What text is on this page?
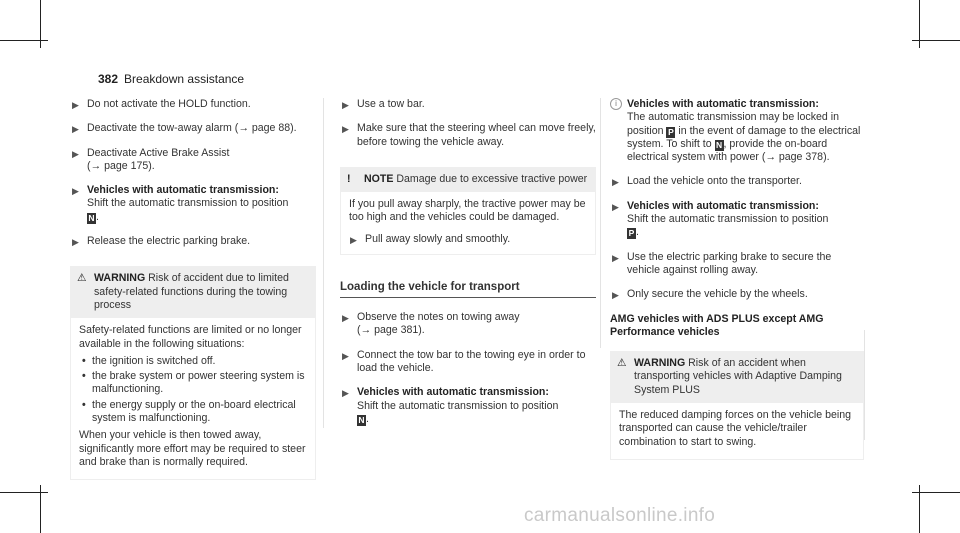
382 Breakdown assistance
▶ Do not activate the HOLD function.
▶ Deactivate the tow-away alarm (→ page 88).
▶ Deactivate Active Brake Assist
(→ page 175).
▶ Vehicles with automatic transmission:
Shift the automatic transmission to position
N.
▶ Release the electric parking brake.
⚠ WARNING Risk of accident due to limited safety-related functions during the towing process

Safety-related functions are limited or no longer available in the following situations:

• the ignition is switched off.
• the brake system or power steering system is malfunctioning.
• the energy supply or the on-board electrical system is malfunctioning.

When your vehicle is then towed away, significantly more effort may be required to steer and brake than is normally required.

▶ Use a tow bar.
▶ Make sure that the steering wheel can move freely, before towing the vehicle away.
! NOTE Damage due to excessive tractive power

If you pull away sharply, the tractive power may be too high and the vehicles could be damaged.

▶ Pull away slowly and smoothly.
Loading the vehicle for transport
▶ Observe the notes on towing away
(→ page 381).
▶ Connect the tow bar to the towing eye in order to load the vehicle.
▶ Vehicles with automatic transmission:
Shift the automatic transmission to position
N.
i Vehicles with automatic transmission:
The automatic transmission may be locked in position P in the event of damage to the electrical system. To shift to N, provide the on-board electrical system with power (→ page 378).
▶ Load the vehicle onto the transporter.
▶ Vehicles with automatic transmission:
Shift the automatic transmission to position
P .
▶ Use the electric parking brake to secure the vehicle against rolling away.
▶ Only secure the vehicle by the wheels.
AMG vehicles with ADS PLUS except AMG Performance vehicles
⚠ WARNING Risk of an accident when transporting vehicles with Adaptive Damping System PLUS

The reduced damping forces on the vehicle being transported can cause the vehicle/trailer combination to start to swing.

carmanualsonline.info
